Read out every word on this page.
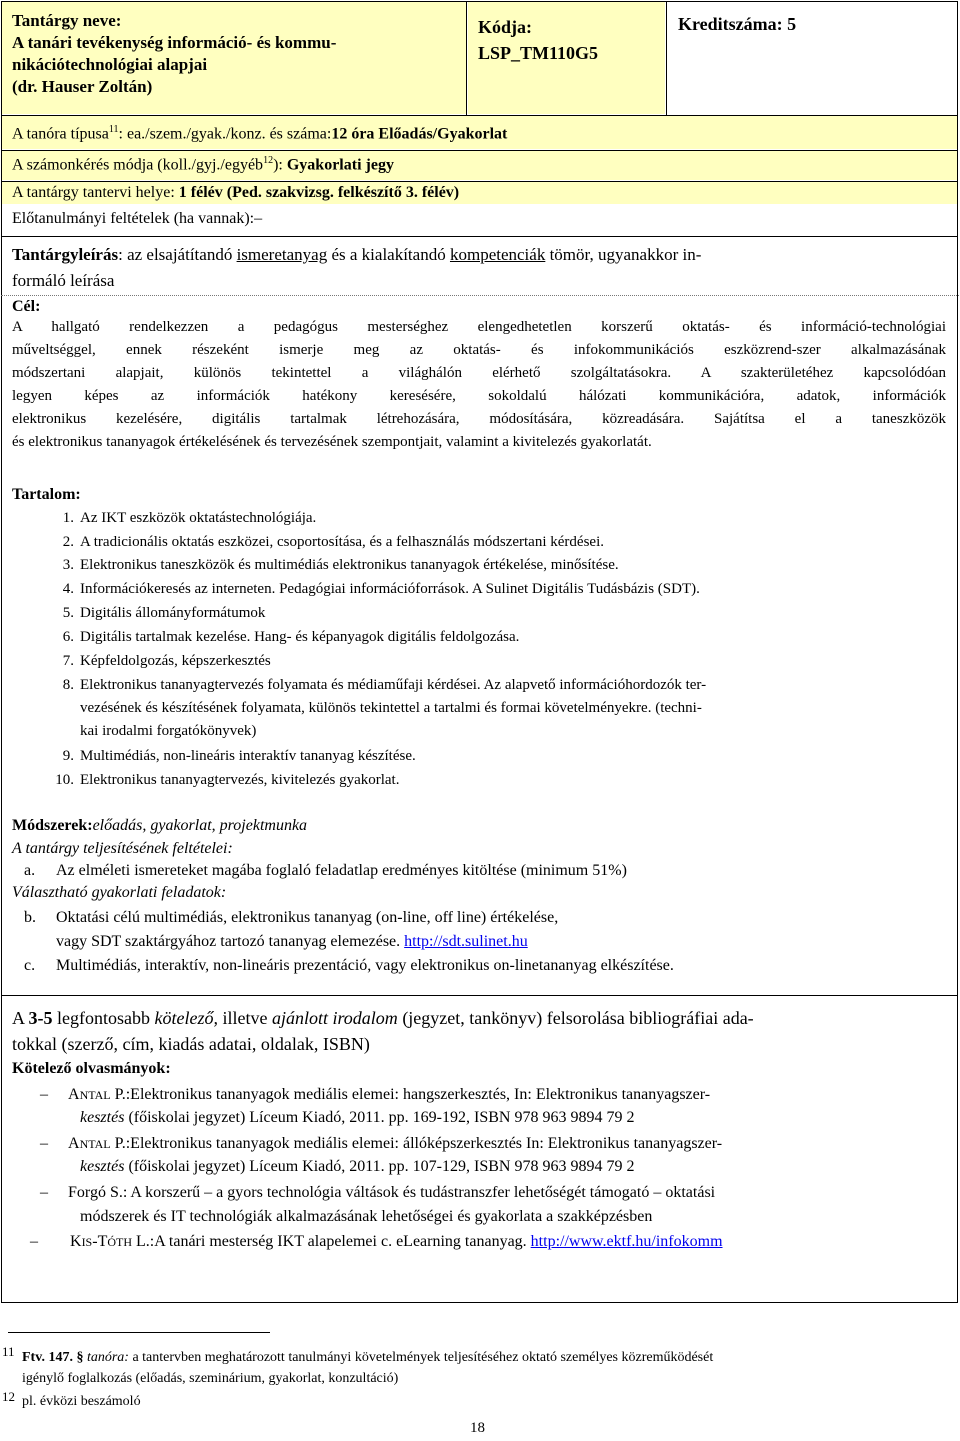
Tantárgy neve:
A tanári tevékenység információ- és kommu-
nikációtechnológiai alapjai
(dr. Hauser Zoltán)
Kódja:
LSP_TM110G5
Kreditszáma: 5
A tanóra típusa$^{11}$: ea./szem./gyak./konz. és száma:12 óra Előadás/Gyakorlat
A számonkérés módja (koll./gyj./egyéb$^{12}$): Gyakorlati jegy
A tantárgy tantervi helye: 1 félév (Ped. szakvizsg. felkészítő 3. félév)
Előtanulmányi feltételek (ha vannak):–
Tantárgyleírás: az elsajátítandó ismeretanyag és a kialakítandó kompetenciák tömör, ugyanakkor in-
formáló leírása
Cél:
A hallgató rendelkezzen a pedagógus mesterséghez elengedhetetlen korszerű oktatás- és információ-technológiai
műveltséggel, ennek részeként ismerje meg az oktatás- és infokommunikációs eszközrend-szer alkalmazásának
módszertani alapjait, különös tekintettel a világhálón elérhető szolgáltatásokra. A szakterületéhez kapcsolódóan
legyen képes az információk hatékony keresésére, sokoldalú hálózati kommunikációra, adatok, információk
elektronikus kezelésére, digitális tartalmak létrehozására, módosítására, közreadására. Sajátítsa el a taneszközök
és elektronikus tananyagok értékelésének és tervezésének szempontjait, valamint a kivitelezés gyakorlatát.
Tartalom:
1. Az IKT eszközök oktatástechnológiája.
2. A tradicionális oktatás eszközei, csoportosítása, és a felhasználás módszertani kérdései.
3. Elektronikus taneszközök és multimédiás elektronikus tananyagok értékelése, minősítése.
4. Információkeresés az interneten. Pedagógiai információforrások. A Sulinet Digitális Tudásbázis (SDT).
5. Digitális állományformátumok
6. Digitális tartalmak kezelése. Hang- és képanyagok digitális feldolgozása.
7. Képfeldolgozás, képszerkesztés
8. Elektronikus tananyagtervezés folyamata és médiaműfaji kérdései. Az alapvető információhordozók ter-
vezésének és készítésének folyamata, különös tekintettel a tartalmi és formai követelményekre. (techni-
kai irodalmi forgatókönyvek)
9. Multimédiás, non-lineáris interaktív tananyag készítése.
10. Elektronikus tananyagtervezés, kivitelezés gyakorlat.
Módszerek:előadás, gyakorlat, projektmunka
A tantárgy teljesítésének feltételei:
a. Az elméleti ismereteket magába foglaló feladatlap eredményes kitöltése (minimum 51%)
Választható gyakorlati feladatok:
b. Oktatási célú multimédiás, elektronikus tananyag (on-line, off line) értékelése,
vagy SDT szaktárgyához tartozó tananyag elemezése. http://sdt.sulinet.hu
c. Multimédiás, interaktív, non-lineáris prezentáció, vagy elektronikus on-linetananyag elkészítése.
A 3-5 legfontosabb kötelező, illetve ajánlott irodalom (jegyzet, tankönyv) felsorolása bibliográfiai ada-
tokkal (szerző, cím, kiadás adatai, oldalak, ISBN)
Kötelező olvasmányok:
– ANTAL P.:Elektronikus tananyagok mediális elemei: hangszerkesztés, In: Elektronikus tananyagszer-
kesztés (főiskolai jegyzet) Líceum Kiadó, 2011. pp. 169-192, ISBN 978 963 9894 79 2
– ANTAL P.:Elektronikus tananyagok mediális elemei: állóképszerkesztés In: Elektronikus tananyagszer-
kesztés (főiskolai jegyzet) Líceum Kiadó, 2011. pp. 107-129, ISBN 978 963 9894 79 2
– Forgó S.: A korszerű – a gyors technológia váltások és tudástranszfer lehetőségét támogató – oktatási
módszerek és IT technológiák alkalmazásának lehetőségei és gyakorlata a szakképzésben
– KIS-TÓTH L.:A tanári mesterség IKT alapelemei c. eLearning tananyag. http://www.ektf.hu/infokomm
11 Ftv. 147. § tanóra: a tantervben meghatározott tanulmányi követelmények teljesítéséhez oktató személyes közreműködését
igénylő foglalkozás (előadás, szeminárium, gyakorlat, konzultáció)
12 pl. évközi beszámoló
18
